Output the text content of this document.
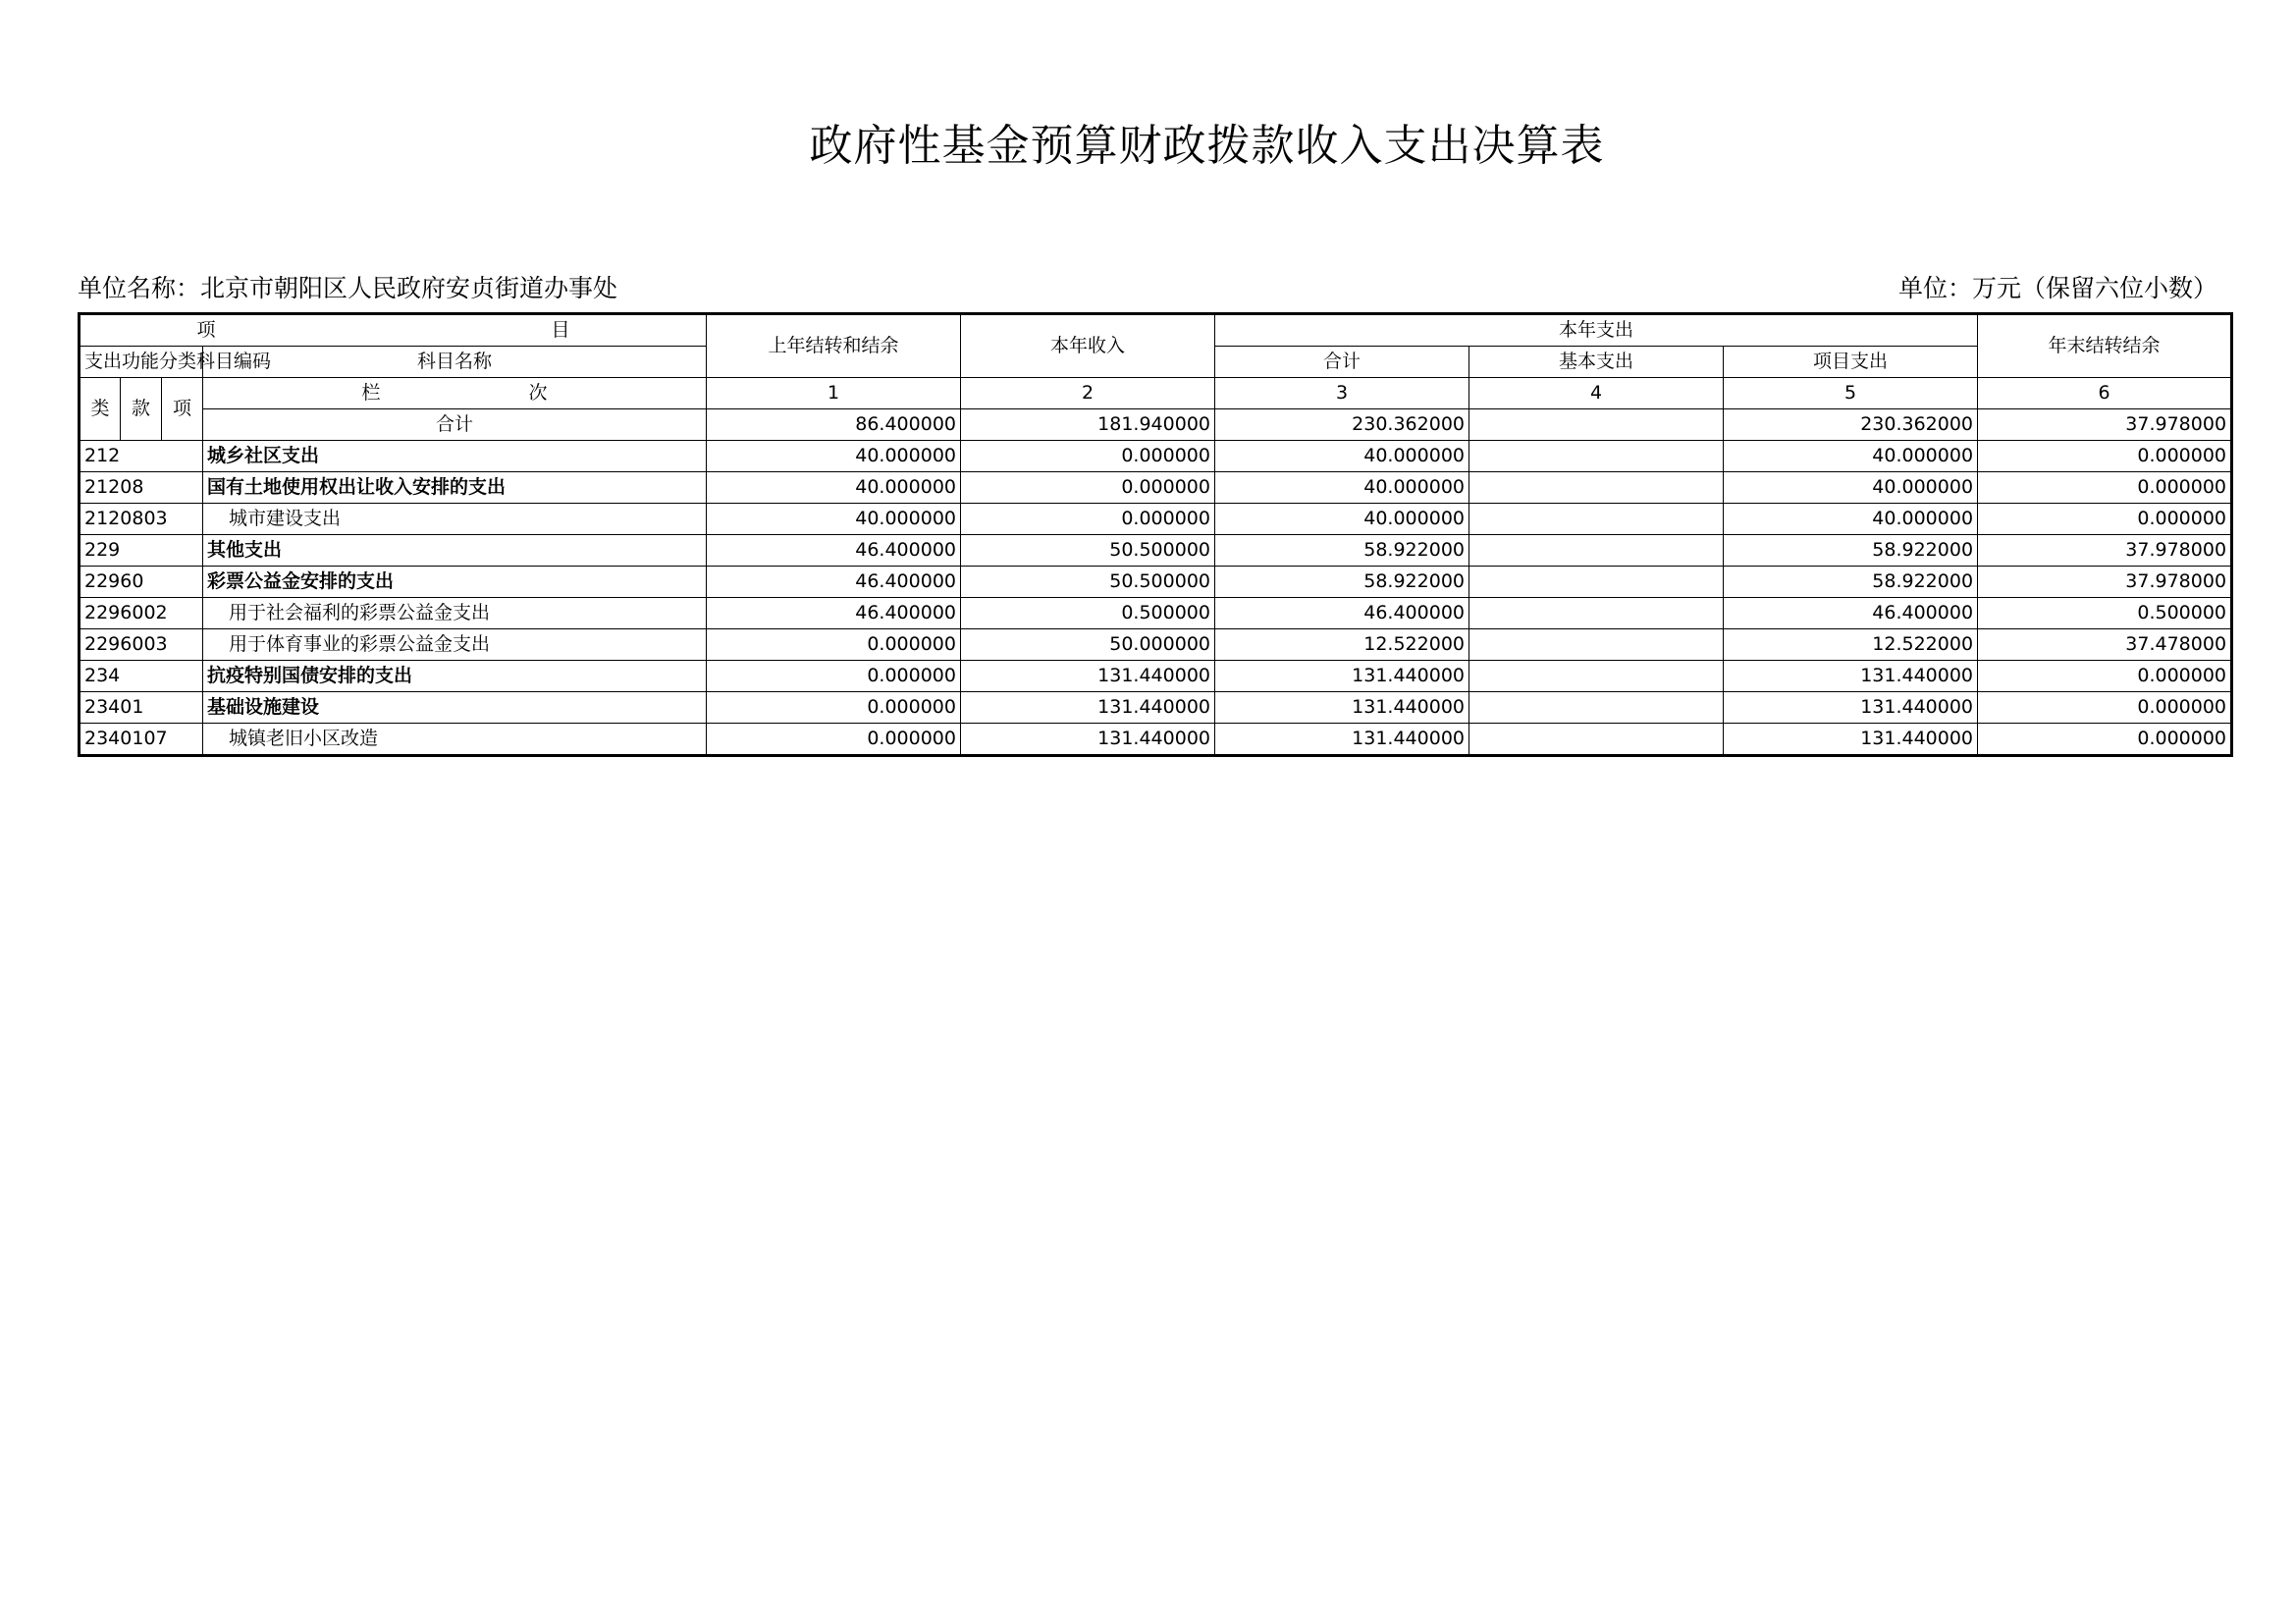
政府性基金预算财政拨款收入支出决算表
单位名称：北京市朝阳区人民政府安贞街道办事处	单位：万元（保留六位小数）
项 目				上年结转和结余	本年收入	本年支出			年末结转结余
支出功能分类科目编码			科目名称			合计	基本支出	项目支出	
类	款	项	栏 次	1	2	3	4	5	6
			合计	86.400000	181.940000	230.362000		230.362000	37.978000
212			城乡社区支出	40.000000	0.000000	40.000000		40.000000	0.000000
21208			国有土地使用权出让收入安排的支出	40.000000	0.000000	40.000000		40.000000	0.000000
2120803			城市建设支出	40.000000	0.000000	40.000000		40.000000	0.000000
229			其他支出	46.400000	50.500000	58.922000		58.922000	37.978000
22960			彩票公益金安排的支出	46.400000	50.500000	58.922000		58.922000	37.978000
2296002			用于社会福利的彩票公益金支出	46.400000	0.500000	46.400000		46.400000	0.500000
2296003			用于体育事业的彩票公益金支出	0.000000	50.000000	12.522000		12.522000	37.478000
234			抗疫特别国债安排的支出	0.000000	131.440000	131.440000		131.440000	0.000000
23401			基础设施建设	0.000000	131.440000	131.440000		131.440000	0.000000
2340107			城镇老旧小区改造	0.000000	131.440000	131.440000		131.440000	0.000000
